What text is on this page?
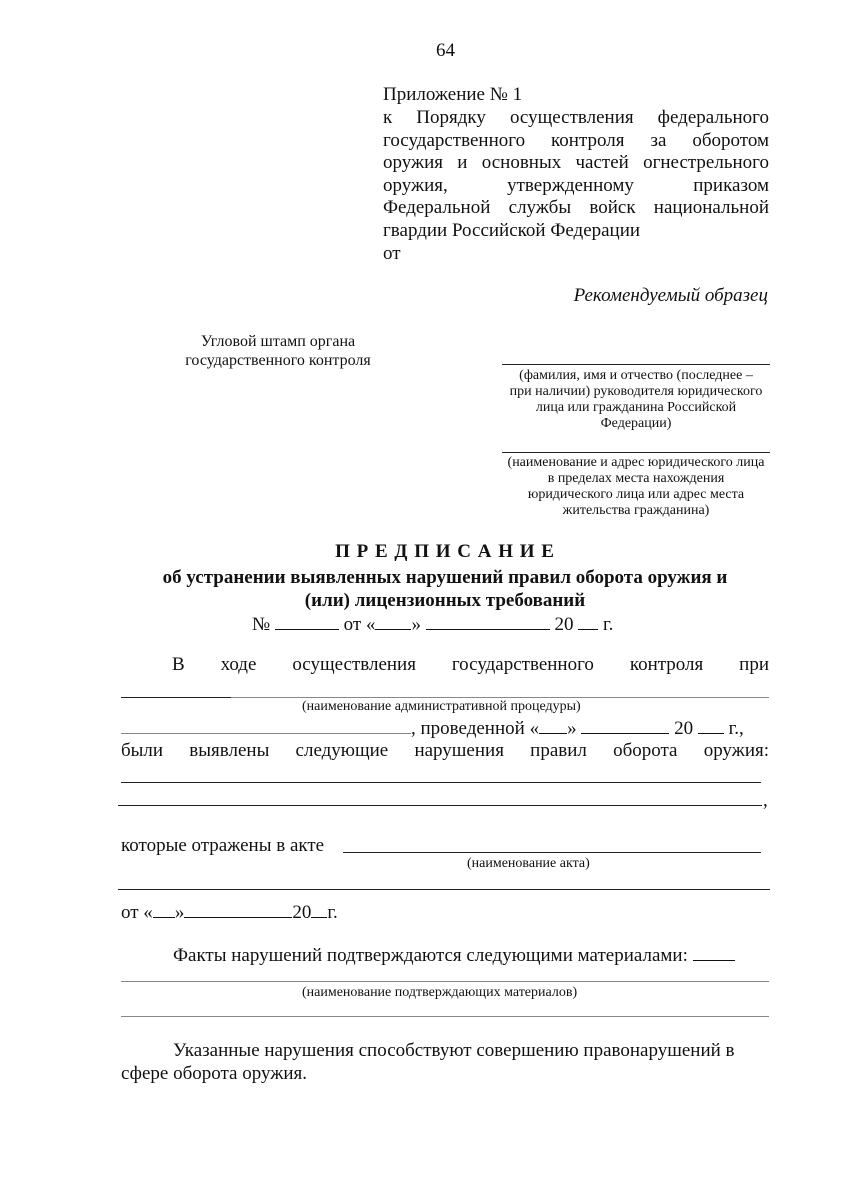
64
Приложение № 1
к Порядку осуществления федерального
государственного контроля за оборотом
оружия и основных частей огнестрельного
оружия, утвержденному приказом
Федеральной службы войск национальной
гвардии Российской Федерации
от
Рекомендуемый образец
Угловой штамп органа
государственного контроля
(фамилия, имя и отчество (последнее –
при наличии) руководителя юридического
лица или гражданина Российской
Федерации)
(наименование и адрес юридического лица
в пределах места нахождения
юридического лица или адрес места
жительства гражданина)
П Р Е Д П И С А Н И Е
об устранении выявленных нарушений правил оборота оружия и
(или) лицензионных требований
№	от « »	20 г.
В ходе осуществления государственного контроля при
(наименование административной процедуры)
, проведенной « »	20 г.,
были выявлены следующие нарушения правил оборота оружия:
,
которые отражены в акте
(наименование акта)
от « »	20 г.
Факты нарушений подтверждаются следующими материалами:
(наименование подтверждающих материалов)
Указанные нарушения способствуют совершению правонарушений в
сфере оборота оружия.
